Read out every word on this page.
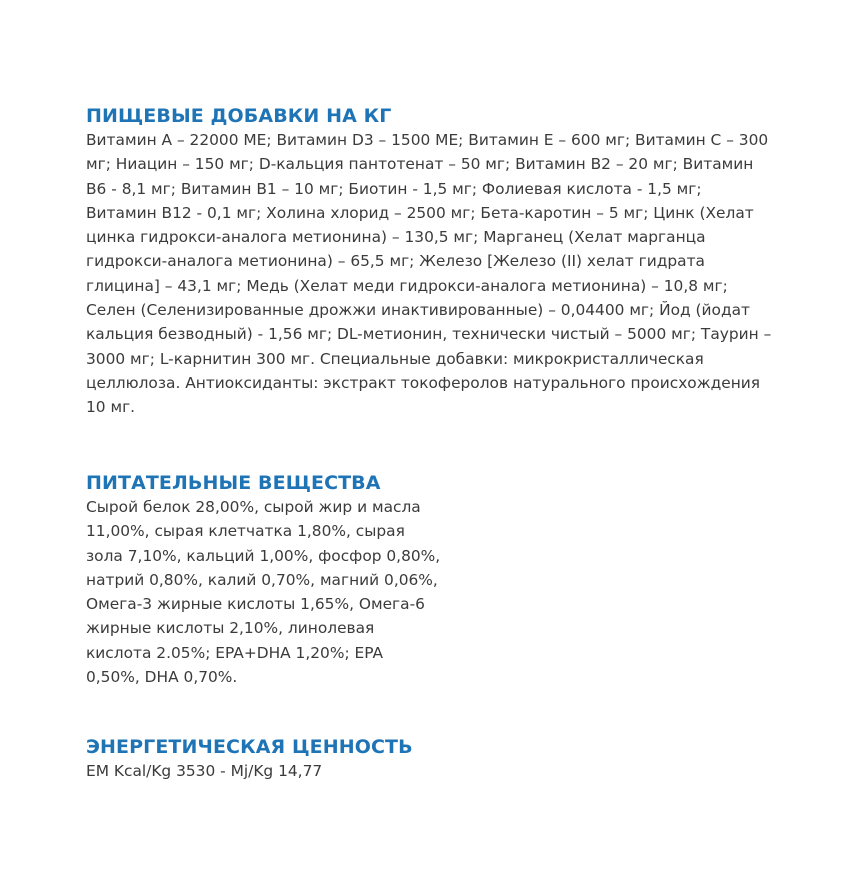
ПИЩЕВЫЕ ДОБАВКИ НА КГ

Витамин A – 22000 МЕ; Витамин D3 – 1500 МЕ; Витамин E – 600 мг; Витамин C – 300 мг; Ниацин – 150 мг; D-кальция пантотенат – 50 мг; Витамин B2 – 20 мг; Витамин B6 - 8,1 мг; Витамин B1 – 10 мг; Биотин - 1,5 мг; Фолиевая кислота - 1,5 мг; Витамин B12 - 0,1 мг; Холина хлорид – 2500 мг; Бета-каротин – 5 мг; Цинк (Хелат цинка гидрокси-аналога метионина) – 130,5 мг; Марганец (Хелат марганца гидрокси-аналога метионина) – 65,5 мг; Железо [Железо (II) хелат гидрата глицина] – 43,1 мг; Медь (Хелат меди гидрокси-аналога метионина) – 10,8 мг; Селен (Селенизированные дрожжи инактивированные) – 0,04400 мг; Йод (йодат кальция безводный) - 1,56 мг; DL-метионин, технически чистый – 5000 мг; Таурин – 3000 мг; L-карнитин 300 мг. Специальные добавки: микрокристаллическая целлюлоза. Антиоксиданты: экстракт токоферолов натурального происхождения 10 мг.

ПИТАТЕЛЬНЫЕ ВЕЩЕСТВА

Сырой белок 28,00%, сырой жир и масла 11,00%, сырая клетчатка 1,80%, сырая зола 7,10%, кальций 1,00%, фосфор 0,80%, натрий 0,80%, калий 0,70%, магний 0,06%, Омега-3 жирные кислоты 1,65%, Омега-6 жирные кислоты 2,10%, линолевая кислота 2.05%; EPA+DHA 1,20%; EPA 0,50%, DHA 0,70%.

ЭНЕРГЕТИЧЕСКАЯ ЦЕННОСТЬ

EM Kcal/Kg 3530 - Mj/Kg 14,77
